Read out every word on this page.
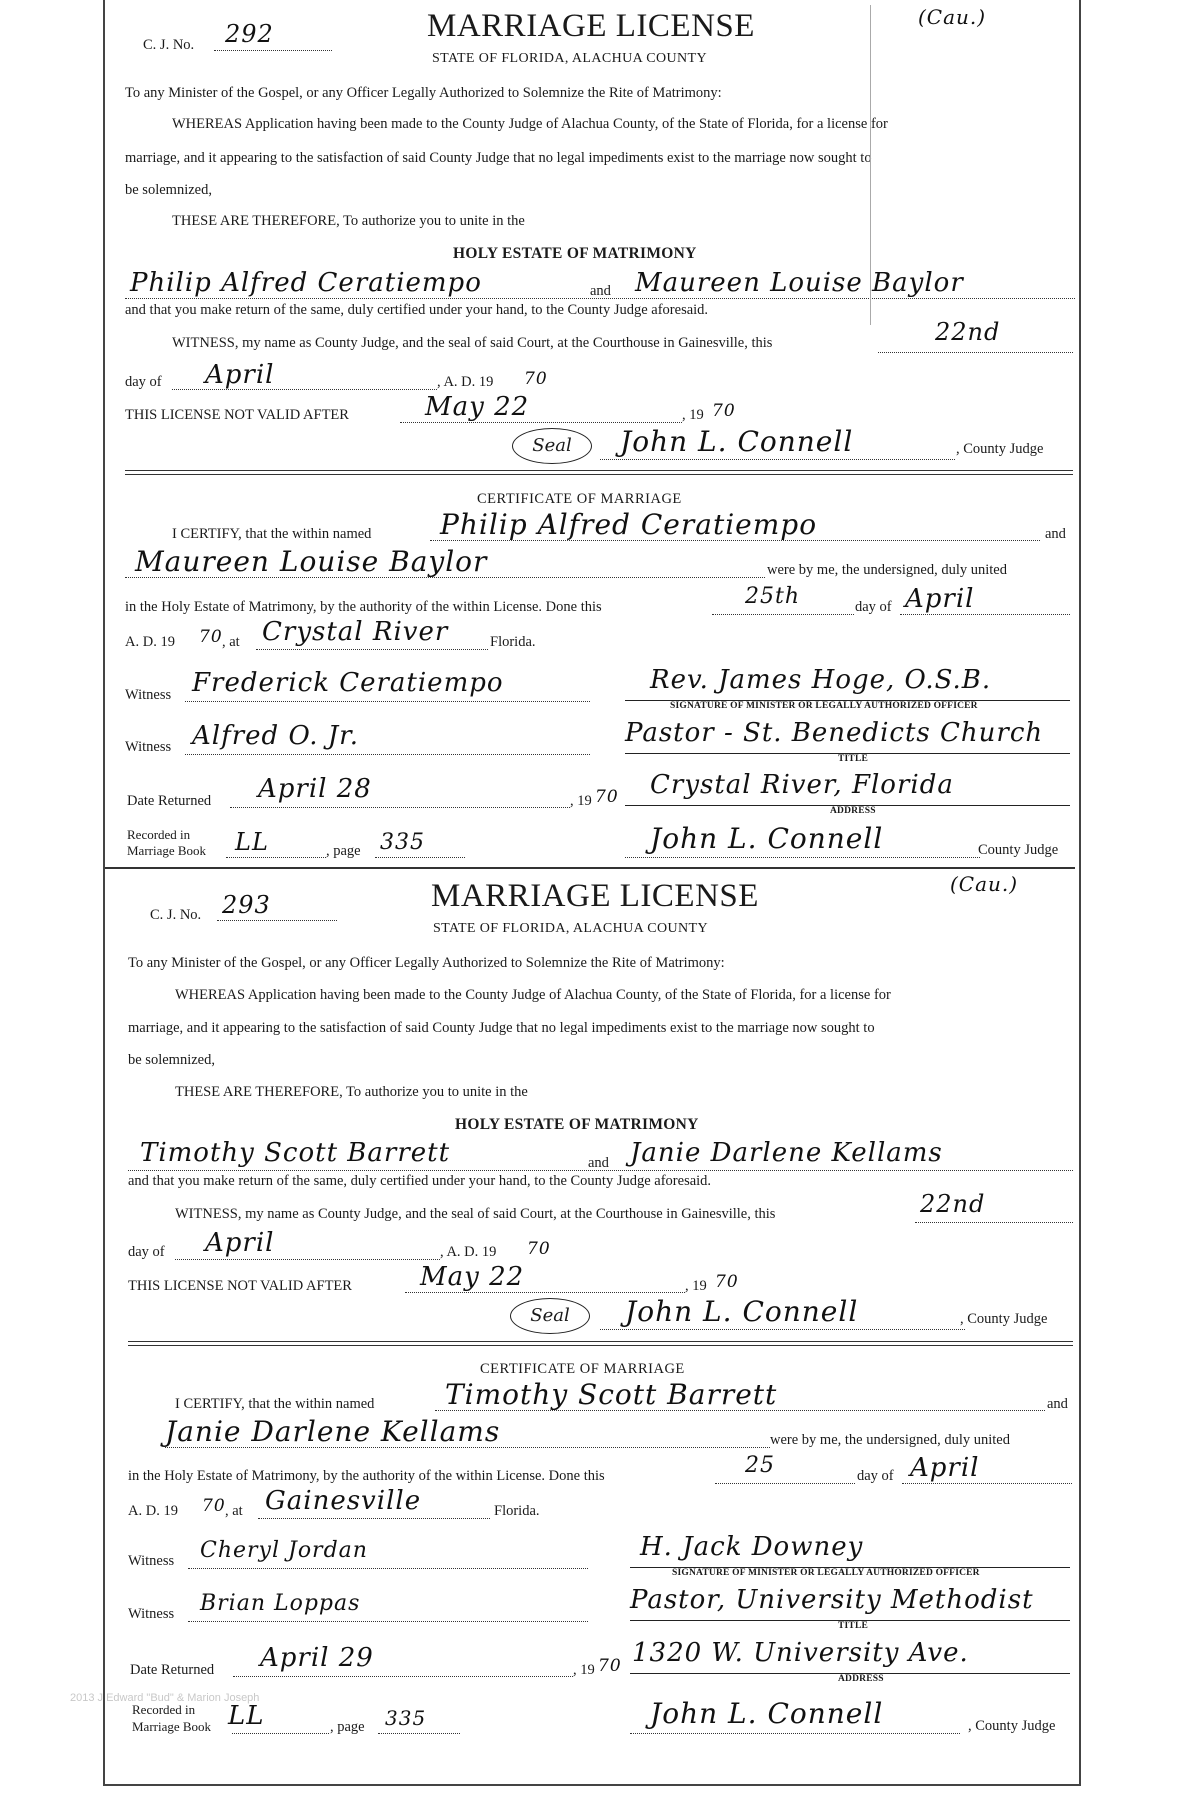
C. J. No. 292
(Cau.)
MARRIAGE LICENSE
STATE OF FLORIDA, ALACHUA COUNTY
To any Minister of the Gospel, or any Officer Legally Authorized to Solemnize the Rite of Matrimony:
WHEREAS Application having been made to the County Judge of Alachua County, of the State of Florida, for a license for
marriage, and it appearing to the satisfaction of said County Judge that no legal impediments exist to the marriage now sought to
be solemnized,
THESE ARE THEREFORE, To authorize you to unite in the
HOLY ESTATE OF MATRIMONY
Philip Alfred Ceratiempo	and Maureen Louise Baylor
and that you make return of the same, duly certified under your hand, to the County Judge aforesaid.
WITNESS, my name as County Judge, and the seal of said Court, at the Courthouse in Gainesville, this	22nd
day of April	, A. D. 19 70
THIS LICENSE NOT VALID AFTER	May 22	, 19 70
Seal	John L. Connell	, County Judge
CERTIFICATE OF MARRIAGE
I CERTIFY, that the within named Philip Alfred Ceratiempo	and
Maureen Louise Baylor	were by me, the undersigned, duly united
in the Holy Estate of Matrimony, by the authority of the within License. Done this	25th	day of April
A. D. 19 70 , at Crystal River	Florida.
Witness Frederick Ceratiempo	Rev. James Hoge, O.S.B.
SIGNATURE OF MINISTER OR LEGALLY AUTHORIZED OFFICER
Witness Alfred O. Jr.	Pastor - St. Benedicts Church
TITLE
Date Returned April 28	, 19 70 Crystal River, Florida
ADDRESS
Recorded in
Marriage Book LL	, page 335	John L. Connell	County Judge
C. J. No. 293
(Cau.)
MARRIAGE LICENSE
STATE OF FLORIDA, ALACHUA COUNTY
To any Minister of the Gospel, or any Officer Legally Authorized to Solemnize the Rite of Matrimony:
WHEREAS Application having been made to the County Judge of Alachua County, of the State of Florida, for a license for
marriage, and it appearing to the satisfaction of said County Judge that no legal impediments exist to the marriage now sought to
be solemnized,
THESE ARE THEREFORE, To authorize you to unite in the
HOLY ESTATE OF MATRIMONY
Timothy Scott Barrett	and Janie Darlene Kellams
and that you make return of the same, duly certified under your hand, to the County Judge aforesaid.
WITNESS, my name as County Judge, and the seal of said Court, at the Courthouse in Gainesville, this	22nd
day of April	, A. D. 19 70
THIS LICENSE NOT VALID AFTER	May 22	, 19 70
Seal	John L. Connell	, County Judge
CERTIFICATE OF MARRIAGE
I CERTIFY, that the within named	Timothy Scott Barrett	and
Janie Darlene Kellams	were by me, the undersigned, duly united
in the Holy Estate of Matrimony, by the authority of the within License. Done this	25	day of April
A. D. 19 70 , at Gainesville	Florida.
Witness Cheryl Jordan	H. Jack Downey
SIGNATURE OF MINISTER OR LEGALLY AUTHORIZED OFFICER
Witness Brian Loppas	Pastor, University Methodist
TITLE
Date Returned April 29	, 19 70 1320 W. University Ave.
ADDRESS
2013 J Edward "Bud" & Marion Joseph
Recorded in
Marriage Book LL	, page 335	John L. Connell	, County Judge
